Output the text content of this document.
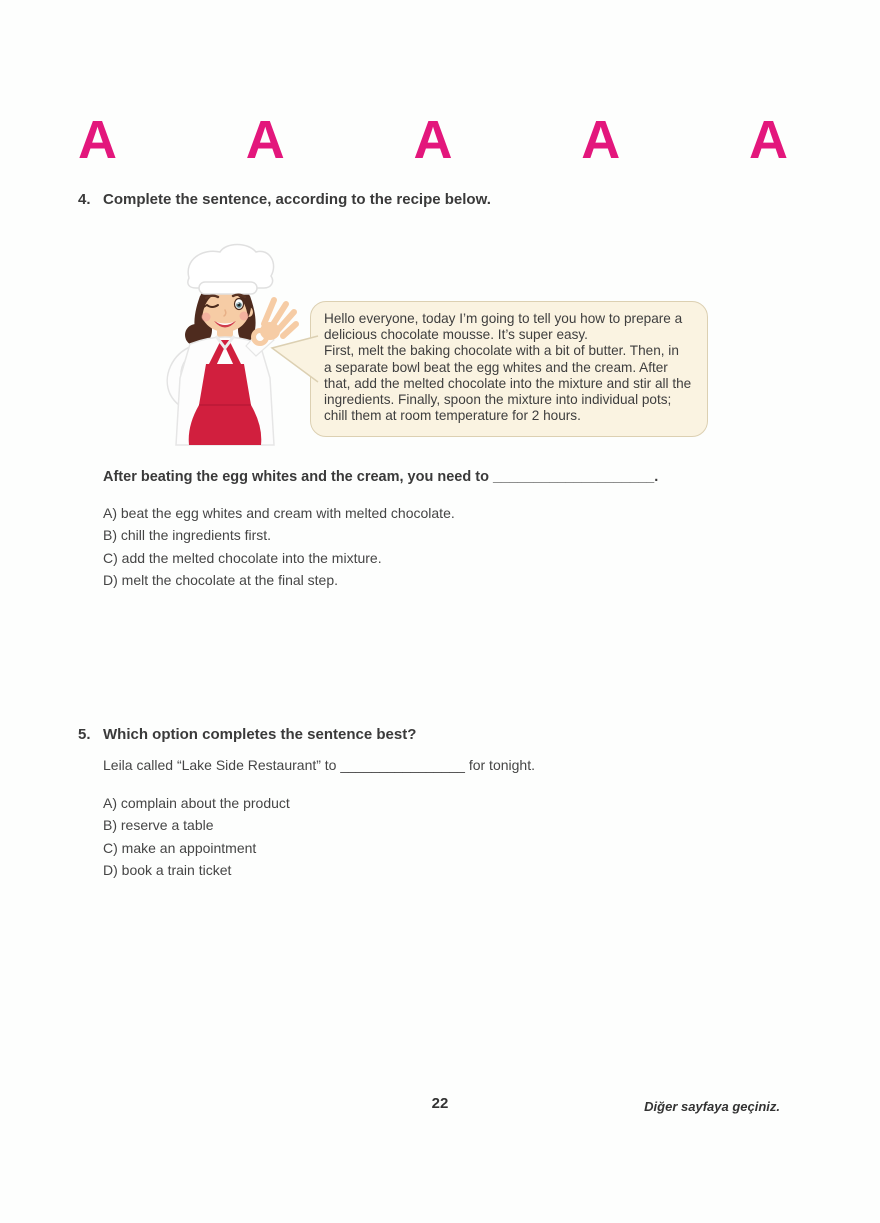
A A A A A
4. Complete the sentence, according to the recipe below.
Hello everyone, today I’m going to tell you how to prepare a
delicious chocolate mousse. It’s super easy.
First, melt the baking chocolate with a bit of butter. Then, in
a separate bowl beat the egg whites and the cream. After
that, add the melted chocolate into the mixture and stir all the
ingredients. Finally, spoon the mixture into individual pots;
chill them at room temperature for 2 hours.

After beating the egg whites and the cream, you need to ____________________.

A) beat the egg whites and cream with melted chocolate.
B) chill the ingredients first.
C) add the melted chocolate into the mixture.
D) melt the chocolate at the final step.
5. Which option completes the sentence best?

Leila called “Lake Side Restaurant” to ________________ for tonight.

A) complain about the product
B) reserve a table
C) make an appointment
D) book a train ticket
22	Diğer sayfaya geçiniz.
